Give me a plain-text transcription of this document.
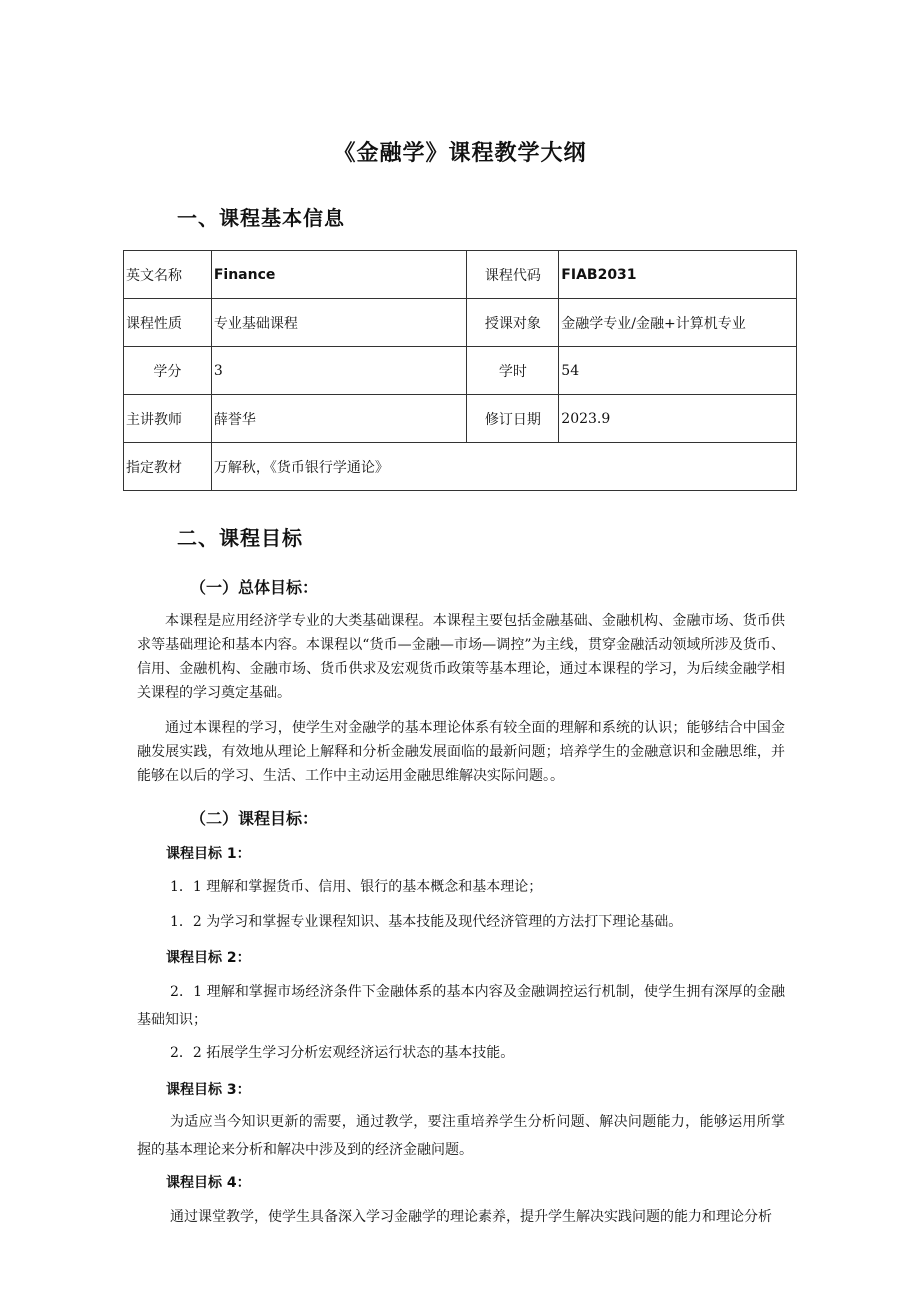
《金融学》课程教学大纲
一、课程基本信息
英文名称	Finance	课程代码	FIAB2031
课程性质	专业基础课程	授课对象	金融学专业/金融+计算机专业
学分	3	学时	54
主讲教师	薛誉华	修订日期	2023.9
指定教材	万解秋，《货币银行学通论》		
二、课程目标
（一）总体目标：
本课程是应用经济学专业的大类基础课程。本课程主要包括金融基础、金融机构、金融市场、货币供求等基础理论和基本内容。本课程以“货币—金融—市场—调控”为主线，贯穿金融活动领域所涉及货币、信用、金融机构、金融市场、货币供求及宏观货币政策等基本理论，通过本课程的学习，为后续金融学相关课程的学习奠定基础。
通过本课程的学习，使学生对金融学的基本理论体系有较全面的理解和系统的认识；能够结合中国金融发展实践，有效地从理论上解释和分析金融发展面临的最新问题；培养学生的金融意识和金融思维，并能够在以后的学习、生活、工作中主动运用金融思维解决实际问题。。
（二）课程目标：
课程目标 1：
1．1 理解和掌握货币、信用、银行的基本概念和基本理论；
1．2 为学习和掌握专业课程知识、基本技能及现代经济管理的方法打下理论基础。
课程目标 2：
2．1 理解和掌握市场经济条件下金融体系的基本内容及金融调控运行机制，使学生拥有深厚的金融基础知识；
2．2 拓展学生学习分析宏观经济运行状态的基本技能。
课程目标 3：
为适应当今知识更新的需要，通过教学，要注重培养学生分析问题、解决问题能力，能够运用所掌握的基本理论来分析和解决中涉及到的经济金融问题。
课程目标 4：
通过课堂教学，使学生具备深入学习金融学的理论素养，提升学生解决实践问题的能力和理论分析
